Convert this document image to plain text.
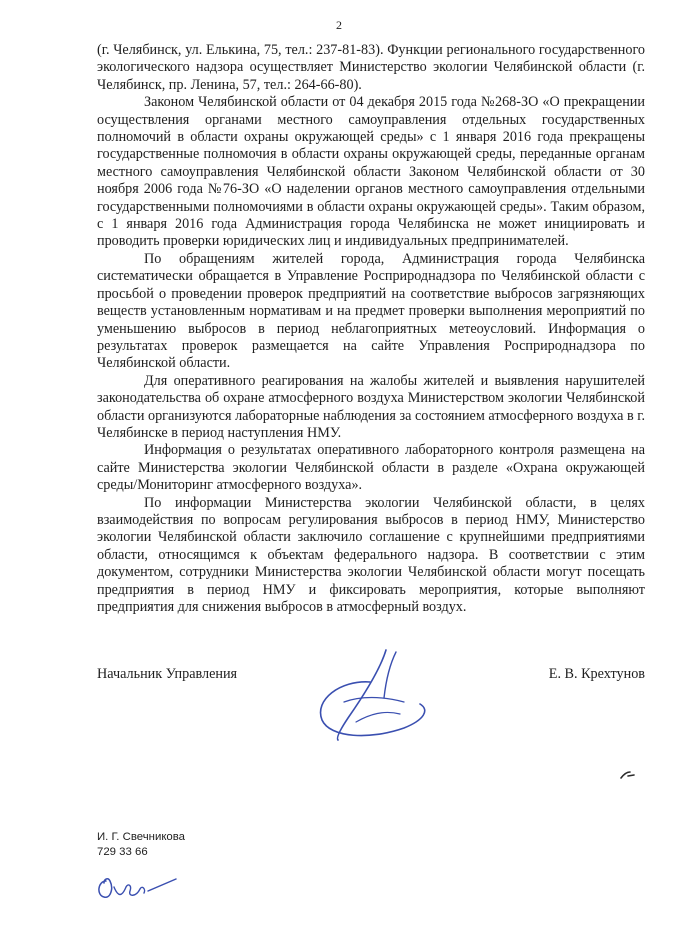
2

(г. Челябинск, ул. Елькина, 75, тел.: 237-81-83). Функции регионального государственного экологического надзора осуществляет Министерство экологии Челябинской области (г. Челябинск, пр. Ленина, 57, тел.: 264-66-80).

Законом Челябинской области от 04 декабря 2015 года №268-ЗО «О прекращении осуществления органами местного самоуправления отдельных государственных полномочий в области охраны окружающей среды» с 1 января 2016 года прекращены государственные полномочия в области охраны окружающей среды, переданные органам местного самоуправления Челябинской области Законом Челябинской области от 30 ноября 2006 года №76-ЗО «О наделении органов местного самоуправления отдельными государственными полномочиями в области охраны окружающей среды». Таким образом, с 1 января 2016 года Администрация города Челябинска не может инициировать и проводить проверки юридических лиц и индивидуальных предпринимателей.

По обращениям жителей города, Администрация города Челябинска систематически обращается в Управление Росприроднадзора по Челябинской области с просьбой о проведении проверок предприятий на соответствие выбросов загрязняющих веществ установленным нормативам и на предмет проверки выполнения мероприятий по уменьшению выбросов в период неблагоприятных метеоусловий. Информация о результатах проверок размещается на сайте Управления Росприроднадзора по Челябинской области.

Для оперативного реагирования на жалобы жителей и выявления нарушителей законодательства об охране атмосферного воздуха Министерством экологии Челябинской области организуются лабораторные наблюдения за состоянием атмосферного воздуха в г. Челябинске в период наступления НМУ.

Информация о результатах оперативного лабораторного контроля размещена на сайте Министерства экологии Челябинской области в разделе «Охрана окружающей среды/Мониторинг атмосферного воздуха».

По информации Министерства экологии Челябинской области, в целях взаимодействия по вопросам регулирования выбросов в период НМУ, Министерство экологии Челябинской области заключило соглашение с крупнейшими предприятиями области, относящимся к объектам федерального надзора. В соответствии с этим документом, сотрудники Министерства экологии Челябинской области могут посещать предприятия в период НМУ и фиксировать мероприятия, которые выполняют предприятия для снижения выбросов в атмосферный воздух.

Начальник Управления	Е. В. Крехтунов
И. Г. Свечникова
729 33 66
